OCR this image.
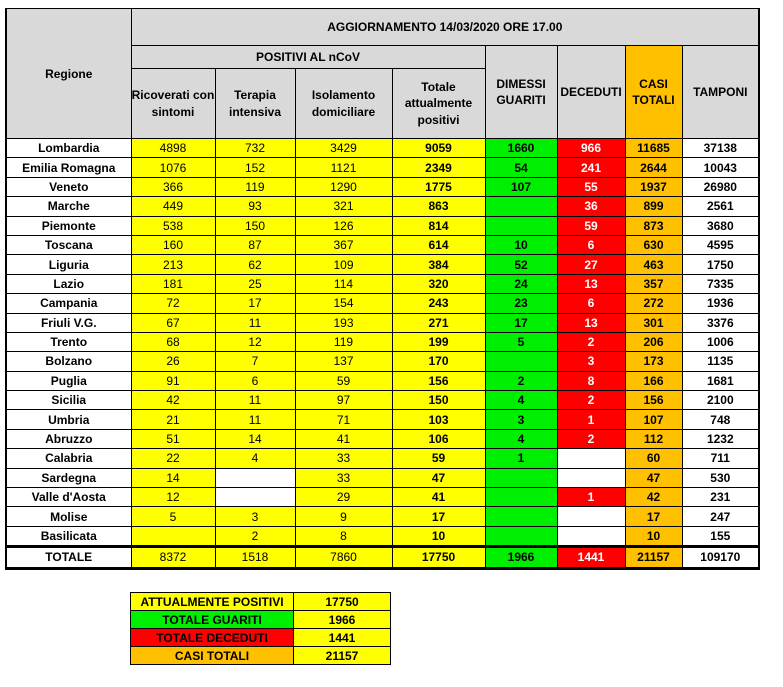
Regione	AGGIORNAMENTO 14/03/2020 ORE 17.00							
	POSITIVI AL nCoV				DIMESSI GUARITI	DECEDUTI	CASI TOTALI	TAMPONI
	Ricoverati con sintomi	Terapia intensiva	Isolamento domiciliare	Totale attualmente positivi				
Lombardia	4898	732	3429	9059	1660	966	11685	37138
Emilia Romagna	1076	152	1121	2349	54	241	2644	10043
Veneto	366	119	1290	1775	107	55	1937	26980
Marche	449	93	321	863		36	899	2561
Piemonte	538	150	126	814		59	873	3680
Toscana	160	87	367	614	10	6	630	4595
Liguria	213	62	109	384	52	27	463	1750
Lazio	181	25	114	320	24	13	357	7335
Campania	72	17	154	243	23	6	272	1936
Friuli V.G.	67	11	193	271	17	13	301	3376
Trento	68	12	119	199	5	2	206	1006
Bolzano	26	7	137	170		3	173	1135
Puglia	91	6	59	156	2	8	166	1681
Sicilia	42	11	97	150	4	2	156	2100
Umbria	21	11	71	103	3	1	107	748
Abruzzo	51	14	41	106	4	2	112	1232
Calabria	22	4	33	59	1		60	711
Sardegna	14		33	47			47	530
Valle d'Aosta	12		29	41		1	42	231
Molise	5	3	9	17			17	247
Basilicata		2	8	10			10	155
TOTALE	8372	1518	7860	17750	1966	1441	21157	109170
ATTUALMENTE POSITIVI	17750
TOTALE GUARITI	1966
TOTALE DECEDUTI	1441
CASI TOTALI	21157
